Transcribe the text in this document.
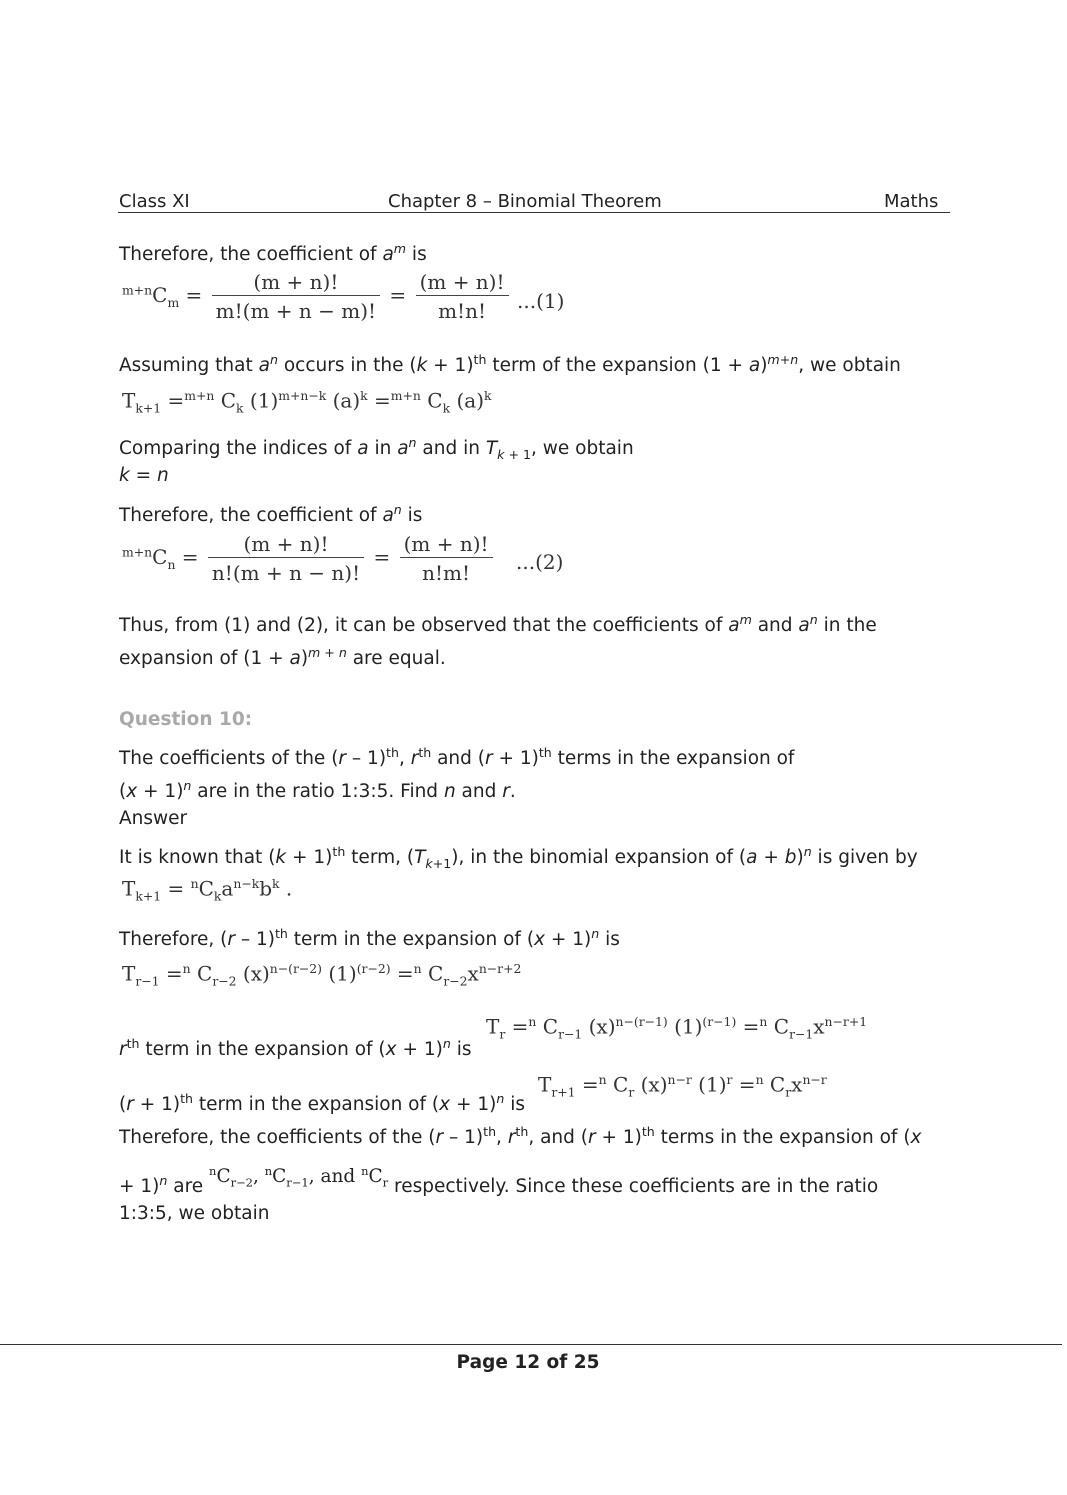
Class XI	Chapter 8 – Binomial Theorem	Maths
Therefore, the coefficient of $a^m$ is
$^{m+n}C_m = \frac{(m + n)!}{m!(m + n - m)!} = \frac{(m + n)!}{m!n!} ...(1)$
Assuming that $a^n$ occurs in the $(k + 1)^{th}$ term of the expansion $(1 + a)^{m+n}$, we obtain
$T_{k+1} =^{m+n}$ $C_k$ $(1)^{m+n-k}$ $(a)^k =^{m+n}$ $C_k$ $(a)^k$
Comparing the indices of a in $a^n$ and in $T_{k + 1}$, we obtain
k = n
Therefore, the coefficient of $a^n$ is
$^{m+n}C_n = \frac{(m + n)!}{n!(m + n - n)!} = \frac{(m + n)!}{n!m!} ...(2)$
Thus, from (1) and (2), it can be observed that the coefficients of $a^m$ and $a^n$ in the
expansion of $(1 + a)^{m + n}$ are equal.
Question 10:
The coefficients of the (r – 1)$^{th}$, $r^{th}$ and $(r + 1)^{th}$ terms in the expansion of
$(x + 1)^n$ are in the ratio 1:3:5. Find n and r.
Answer
It is known that $(k + 1)^{th}$ term, $(T_{k+1})$, in the binomial expansion of $(a + b)^n$ is given by
$T_{k+1} = ^nC_ka^{n-k}b^k$ .
Therefore, (r – 1)$^{th}$ term in the expansion of $(x + 1)^n$ is
$T_{r-1} =^n$ $C_{r-2}$ $(x)^{n-(r-2)}$ $(1)^{(r-2)} =^n$ $C_{r-2}x^{n-r+2}$
$r^{th}$ term in the expansion of $(x + 1)^n$ is
$T_r =^n$ $C_{r-1}$ $(x)^{n-(r-1)}$ $(1)^{(r-1)} =^n$ $C_{r-1}x^{n-r+1}$
$(r + 1)^{th}$ term in the expansion of $(x + 1)^n$ is
$T_{r+1} =^n$ $C_r$ $(x)^{n-r}$ $(1)^r =^n$ $C_rx^{n-r}$
Therefore, the coefficients of the (r – 1)$^{th}$, $r^{th}$, and $(r + 1)^{th}$ terms in the expansion of (x
+ 1)$^n$ are $^nC_{r-2}$, $^nC_{r-1}$, and $^nC_r$ respectively. Since these coefficients are in the ratio
1:3:5, we obtain
Page 12 of 25
